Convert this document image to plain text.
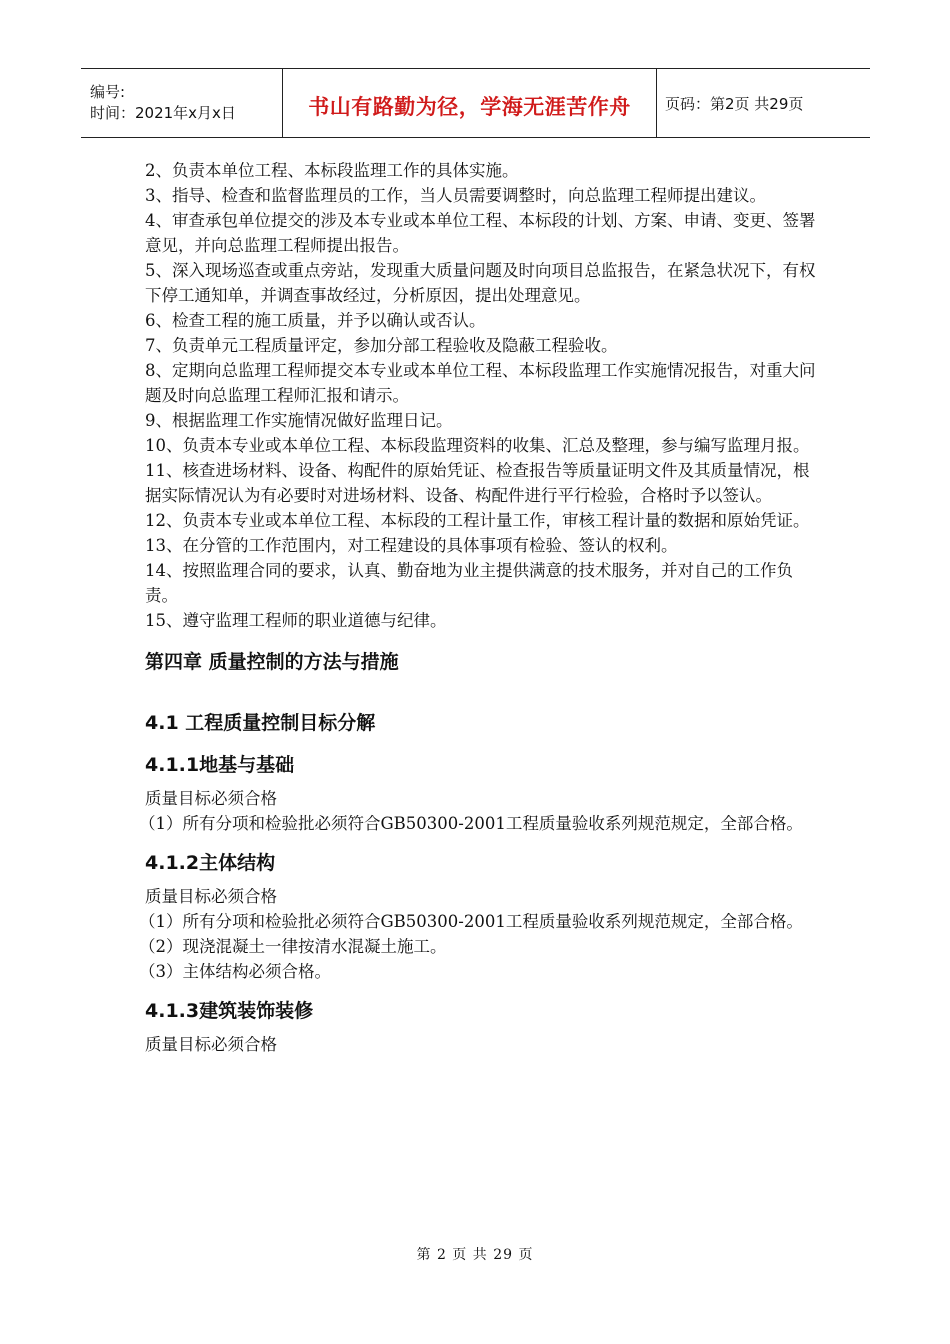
编号:
时间：2021年x月x日	书山有路勤为径，学海无涯苦作舟 页码：第2页 共29页

2、负责本单位工程、本标段监理工作的具体实施。

3、指导、检查和监督监理员的工作，当人员需要调整时，向总监理工程师提出建议。

4、审查承包单位提交的涉及本专业或本单位工程、本标段的计划、方案、申请、变更、签署意见，并向总监理工程师提出报告。

5、深入现场巡查或重点旁站，发现重大质量问题及时向项目总监报告，在紧急状况下，有权下停工通知单，并调查事故经过，分析原因，提出处理意见。

6、检查工程的施工质量，并予以确认或否认。

7、负责单元工程质量评定，参加分部工程验收及隐蔽工程验收。

8、定期向总监理工程师提交本专业或本单位工程、本标段监理工作实施情况报告，对重大问题及时向总监理工程师汇报和请示。

9、根据监理工作实施情况做好监理日记。

10、负责本专业或本单位工程、本标段监理资料的收集、汇总及整理，参与编写监理月报。

11、核查进场材料、设备、构配件的原始凭证、检查报告等质量证明文件及其质量情况，根据实际情况认为有必要时对进场材料、设备、构配件进行平行检验，合格时予以签认。

12、负责本专业或本单位工程、本标段的工程计量工作，审核工程计量的数据和原始凭证。

13、在分管的工作范围内，对工程建设的具体事项有检验、签认的权利。

14、按照监理合同的要求，认真、勤奋地为业主提供满意的技术服务，并对自己的工作负责。

15、遵守监理工程师的职业道德与纪律。

第四章 质量控制的方法与措施
4.1 工程质量控制目标分解
4.1.1地基与基础

质量目标必须合格

（1）所有分项和检验批必须符合GB50300-2001工程质量验收系列规范规定，全部合格。

4.1.2主体结构

质量目标必须合格

（1）所有分项和检验批必须符合GB50300-2001工程质量验收系列规范规定，全部合格。

（2）现浇混凝土一律按清水混凝土施工。

（3）主体结构必须合格。

4.1.3建筑装饰装修

质量目标必须合格

第 2 页 共 29 页
